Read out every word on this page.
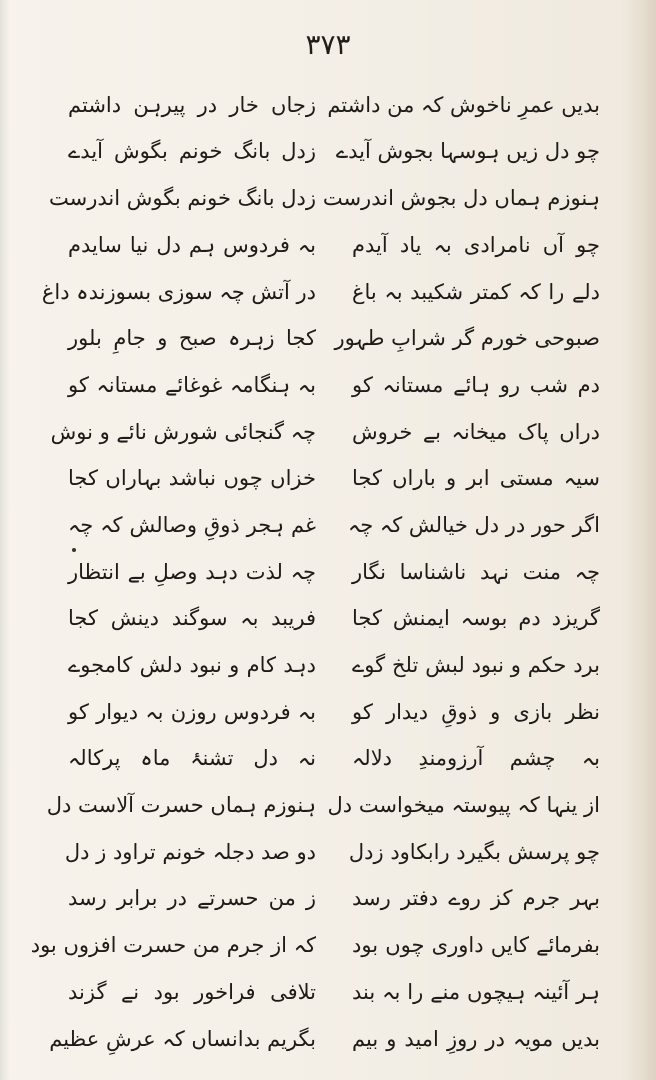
۳۷۳
بدیں عمرِ ناخوش کہ من داشتم
زجاں خار در پیرہن داشتم
چو دل زیں ہوسہا بجوش آیدے
زدل بانگ خونم بگوش آیدے
ہنوزم ہماں دل بجوش اندرست
زدل بانگ خونم بگوش اندرست
چو آں نامرادی بہ یاد آیدم
بہ فردوس ہم دل نیا سایدم
دلے را کہ کمتر شکیبد بہ باغ
در آتش چہ سوزی بسوزندہ داغ
صبوحی خورم گر شرابِ طہور
کجا زہرہ صبح و جامِ بلور
دم شب رو ہائے مستانہ کو
بہ ہنگامہ غوغائے مستانہ کو
دراں پاک میخانہ بے خروش
چہ گنجائی شورش نائے و نوش
سیہ مستی ابر و باراں کجا
خزاں چوں نباشد بہاراں کجا
اگر حور در دل خیالش کہ چہ
غم ہجر ذوقِ وصالش کہ چہ
چہ منت نہد ناشناسا نگار
چہ لذت دہد وصلِ بے انتظار
گریزد دم بوسہ ایمنش کجا
فریبد بہ سوگند دینش کجا
برد حکم و نبود لبش تلخ گوے
دہد کام و نبود دلش کامجوے
نظر بازی و ذوقِ دیدار کو
بہ فردوس روزن بہ دیوار کو
بہ چشم آرزومندِ دلالہ
نہ دل تشنۂ ماہ پرکالہ
از ینہا کہ پیوستہ میخواست دل
ہنوزم ہماں حسرت آلاست دل
چو پرسش بگیرد رابکاود زدل
دو صد دجلہ خونم تراود ز دل
بہر جرم کز روے دفتر رسد
ز من حسرتے در برابر رسد
بفرمائے کایں داوری چوں بود
کہ از جرم من حسرت افزوں بود
ہر آئینہ ہیچوں منے را بہ بند
تلافی فراخور بود نے گزند
بدیں مویہ در روزِ امید و بیم
بگریم بدانساں کہ عرشِ عظیم
